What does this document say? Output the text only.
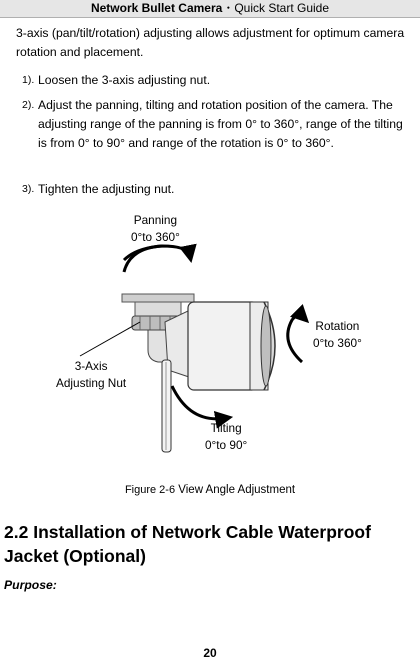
Network Bullet Camera・Quick Start Guide
3-axis (pan/tilt/rotation) adjusting allows adjustment for optimum camera rotation and placement.
1). Loosen the 3-axis adjusting nut.
2). Adjust the panning, tilting and rotation position of the camera. The adjusting range of the panning is from 0° to 360°, range of the tilting is from 0° to 90° and range of the rotation is 0° to 360°.
3). Tighten the adjusting nut.
Panning
0°to 360°
Rotation
0°to 360°
3-Axis
Adjusting Nut
Tilting
0°to 90°
Figure 2-6 View Angle Adjustment
2.2 Installation of Network Cable Waterproof Jacket (Optional)
Purpose:
20
